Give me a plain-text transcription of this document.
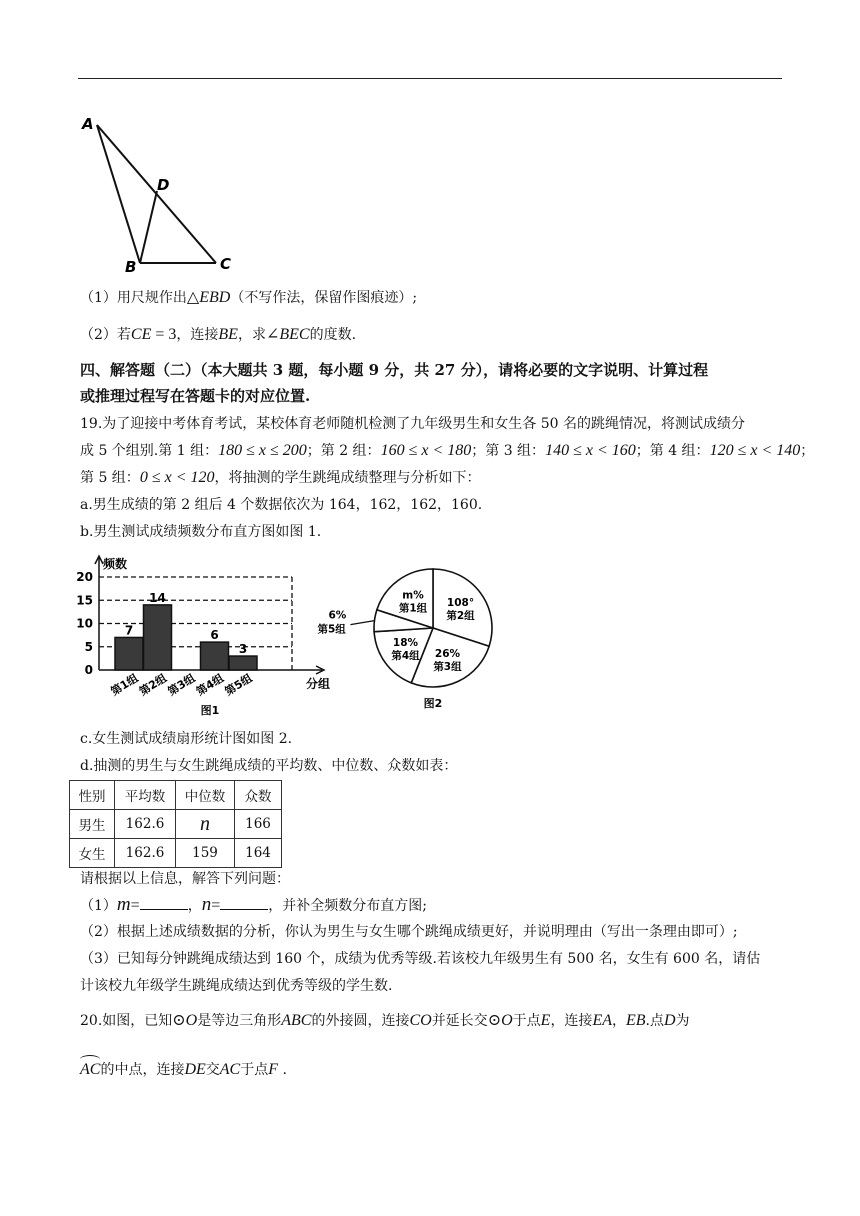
A
D
B	C
（1）用尺规作出△EBD（不写作法，保留作图痕迹）;
（2）若CE = 3，连接BE，求∠BEC的度数.
四、解答题（二）（本大题共 3 题，每小题 9 分，共 27 分），请将必要的文字说明、计算过程
或推理过程写在答题卡的对应位置.
19.为了迎接中考体育考试，某校体育老师随机检测了九年级男生和女生各 50 名的跳绳情况，将测试成绩分
成 5 个组别.第 1 组：180 ≤ x ≤ 200；第 2 组：160 ≤ x < 180；第 3 组：140 ≤ x < 160；第 4 组：120 ≤ x < 140；
第 5 组：0 ≤ x < 120，将抽测的学生跳绳成绩整理与分析如下：
a.男生成绩的第 2 组后 4 个数据依次为 164，162，162，160.
b.男生测试成绩频数分布直方图如图 1.
0
5
10
15
20
频数
7
第1组
14
第2组
第3组
6
第4组
3
第5组	分组
图1
m%
第1组 108°
第2组
26%
第3组
18%
第4组
6%
第5组
图2
c.女生测试成绩扇形统计图如图 2.
d.抽测的男生与女生跳绳成绩的平均数、中位数、众数如表：
性别	平均数	中位数	众数
男生	162.6	n	166
女生	162.6	159	164
请根据以上信息，解答下列问题：
（1）m=	，n=	，并补全频数分布直方图;
（2）根据上述成绩数据的分析，你认为男生与女生哪个跳绳成绩更好，并说明理由（写出一条理由即可）;
（3）已知每分钟跳绳成绩达到 160 个，成绩为优秀等级.若该校九年级男生有 500 名，女生有 600 名，请估
计该校九年级学生跳绳成绩达到优秀等级的学生数.
20.如图，已知⊙O是等边三角形ABC的外接圆，连接CO并延长交⊙O于点E，连接EA，EB.点D为
AC的中点，连接DE交AC于点F .
